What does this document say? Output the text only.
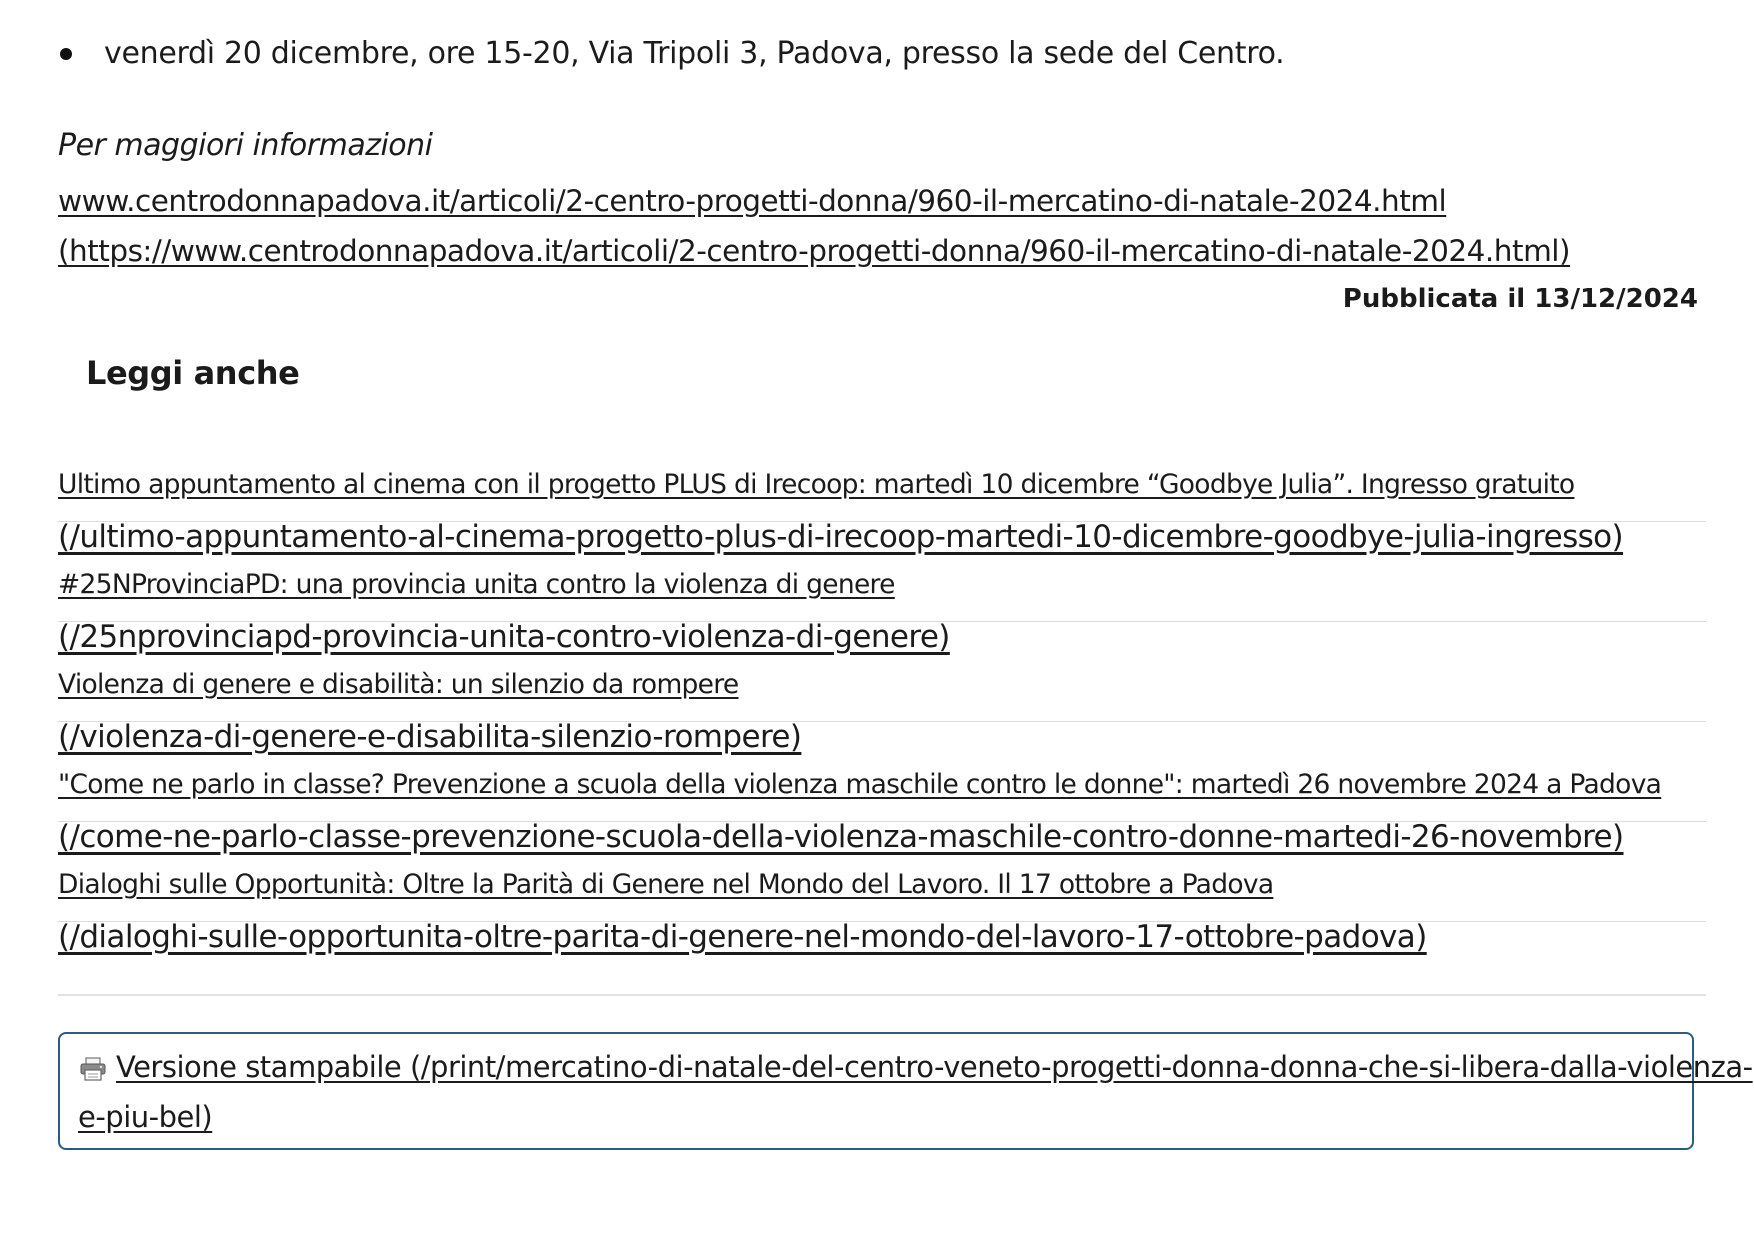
venerdì 20 dicembre, ore 15-20, Via Tripoli 3, Padova, presso la sede del Centro.
Per maggiori informazioni
www.centrodonnapadova.it/articoli/2-centro-progetti-donna/960-il-mercatino-di-natale-2024.html
(https://www.centrodonnapadova.it/articoli/2-centro-progetti-donna/960-il-mercatino-di-natale-2024.html)
Pubblicata il 13/12/2024
Leggi anche
Ultimo appuntamento al cinema con il progetto PLUS di Irecoop: martedì 10 dicembre “Goodbye Julia”. Ingresso gratuito
(/ultimo-appuntamento-al-cinema-progetto-plus-di-irecoop-martedi-10-dicembre-goodbye-julia-ingresso)
#25NProvinciaPD: una provincia unita contro la violenza di genere
(/25nprovinciapd-provincia-unita-contro-violenza-di-genere)
Violenza di genere e disabilità: un silenzio da rompere
(/violenza-di-genere-e-disabilita-silenzio-rompere)
"Come ne parlo in classe? Prevenzione a scuola della violenza maschile contro le donne": martedì 26 novembre 2024 a Padova
(/come-ne-parlo-classe-prevenzione-scuola-della-violenza-maschile-contro-donne-martedi-26-novembre)
Dialoghi sulle Opportunità: Oltre la Parità di Genere nel Mondo del Lavoro. Il 17 ottobre a Padova
(/dialoghi-sulle-opportunita-oltre-parita-di-genere-nel-mondo-del-lavoro-17-ottobre-padova)
Versione stampabile (/print/mercatino-di-natale-del-centro-veneto-progetti-donna-donna-che-si-libera-dalla-violenza-
e-piu-bel)
